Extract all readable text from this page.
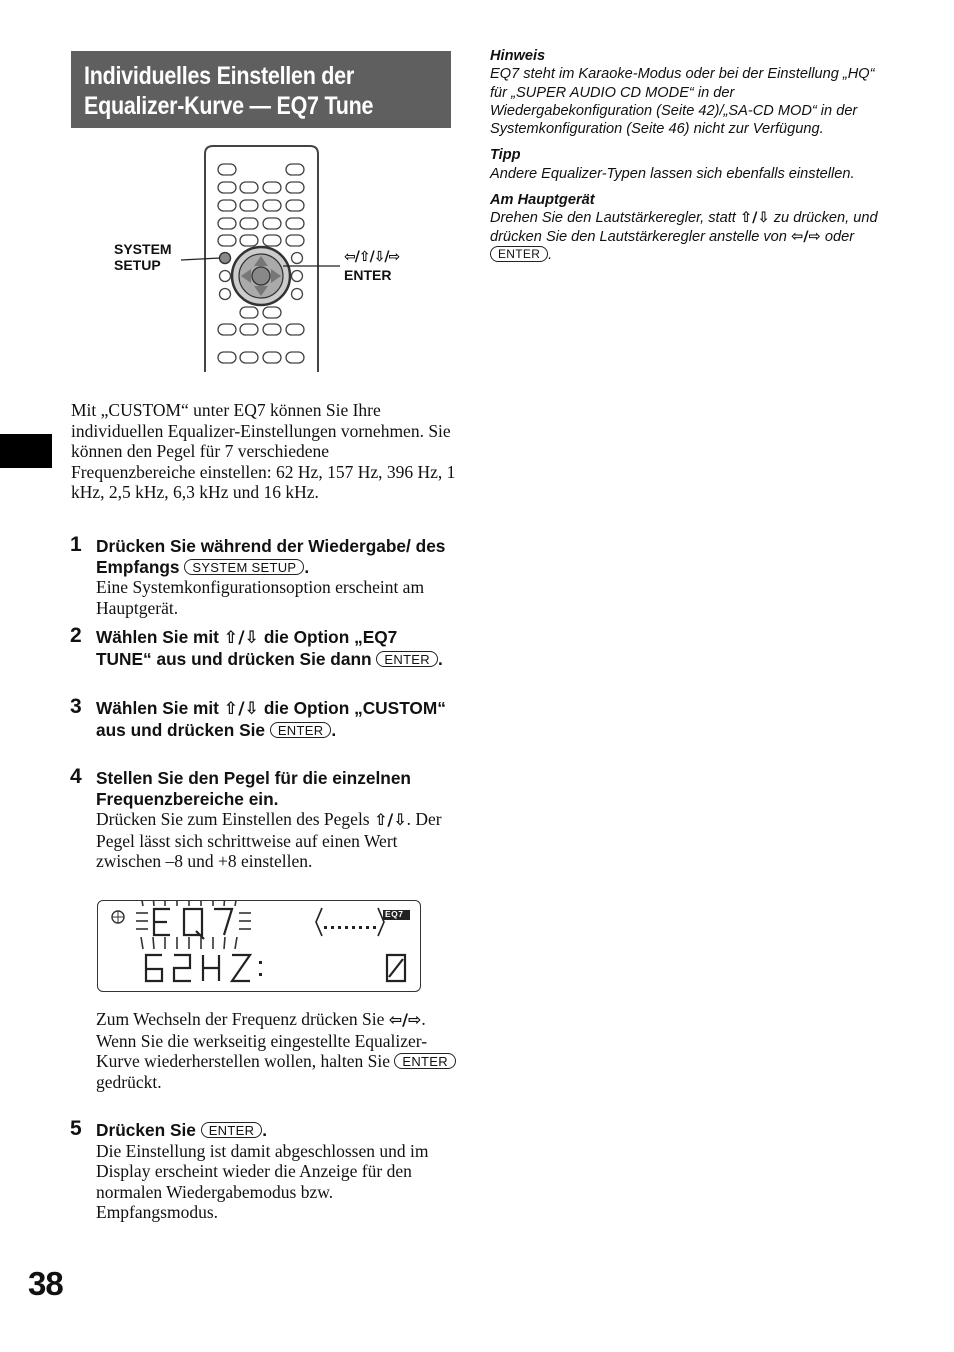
Individuelles Einstellen der
Equalizer-Kurve — EQ7 Tune
SYSTEM
SETUP	⇦/⇧/⇩/⇨
ENTER
Mit „CUSTOM“ unter EQ7 können Sie Ihre individuellen Equalizer-Einstellungen vornehmen. Sie können den Pegel für 7 verschiedene Frequenzbereiche einstellen: 62 Hz, 157 Hz, 396 Hz, 1 kHz, 2,5 kHz, 6,3 kHz und 16 kHz.
1 Drücken Sie während der Wiedergabe/ des Empfangs SYSTEM SETUP .
Eine Systemkonfigurationsoption erscheint am Hauptgerät.
2 Wählen Sie mit ⇧/⇩ die Option „EQ7 TUNE“ aus und drücken Sie dann ENTER .
3 Wählen Sie mit ⇧/⇩ die Option „CUSTOM“ aus und drücken Sie ENTER .
4 Stellen Sie den Pegel für die einzelnen Frequenzbereiche ein.
Drücken Sie zum Einstellen des Pegels ⇧/⇩. Der Pegel lässt sich schrittweise auf einen Wert zwischen –8 und +8 einstellen.
EQ7
Zum Wechseln der Frequenz drücken Sie ⇦/⇨.
Wenn Sie die werkseitig eingestellte Equalizer-Kurve wiederherstellen wollen, halten Sie ENTER gedrückt.
5 Drücken Sie ENTER .
Die Einstellung ist damit abgeschlossen und im Display erscheint wieder die Anzeige für den normalen Wiedergabemodus bzw. Empfangsmodus.
Hinweis
EQ7 steht im Karaoke-Modus oder bei der Einstellung „HQ“ für „SUPER AUDIO CD MODE“ in der Wiedergabekonfiguration (Seite 42)/„SA-CD MOD“ in der Systemkonfiguration (Seite 46) nicht zur Verfügung.
Tipp
Andere Equalizer-Typen lassen sich ebenfalls einstellen.
Am Hauptgerät
Drehen Sie den Lautstärkeregler, statt ⇧/⇩ zu drücken, und drücken Sie den Lautstärkeregler anstelle von ⇦/⇨ oder ENTER .
38
